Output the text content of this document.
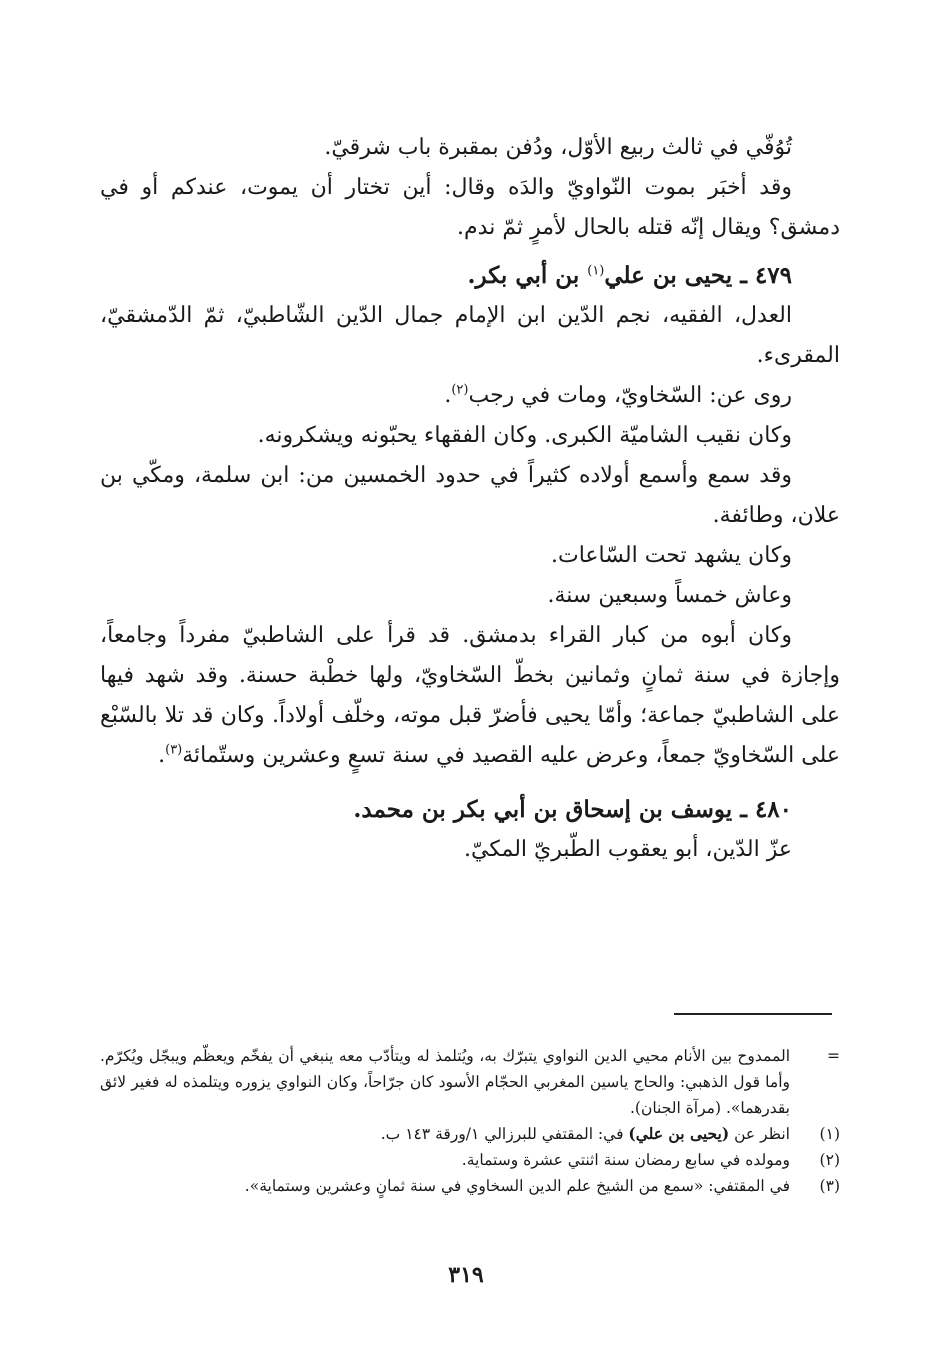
تُوُفّي في ثالث ربيع الأوّل، ودُفن بمقبرة باب شرقيّ.

وقد أخبَر بموت النّواويّ والدَه وقال: أين تختار أن يموت، عندكم أو في دمشق؟ ويقال إنّه قتله بالحال لأمرٍ ثمّ ندم.

٤٧٩ ـ يحيى بن علي$^{(١)}$ بن أبي بكر.

العدل، الفقيه، نجم الدّين ابن الإمام جمال الدّين الشّاطبيّ، ثمّ الدّمشقيّ، المقرىء.

روى عن: السّخاويّ، ومات في رجب$^{(٢)}$.

وكان نقيب الشاميّة الكبرى. وكان الفقهاء يحبّونه ويشكرونه.

وقد سمع وأسمع أولاده كثيراً في حدود الخمسين من: ابن سلمة، ومكّي بن علان، وطائفة.

وكان يشهد تحت السّاعات.

وعاش خمساً وسبعين سنة.

وكان أبوه من كبار القراء بدمشق. قد قرأ على الشاطبيّ مفرداً وجامعاً، وإجازة في سنة ثمانٍ وثمانين بخطّ السّخاويّ، ولها خطْبة حسنة. وقد شهد فيها على الشاطبيّ جماعة؛ وأمّا يحيى فأضرّ قبل موته، وخلّف أولاداً. وكان قد تلا بالسّبْع على السّخاويّ جمعاً، وعرض عليه القصيد في سنة تسعٍ وعشرين وستّمائة$^{(٣)}$.

٤٨٠ ـ يوسف بن إسحاق بن أبي بكر بن محمد.

عزّ الدّين، أبو يعقوب الطّبريّ المكيّ.

=
الممدوح بين الأنام محيي الدين النواوي يتبرّك به، ويُتلمذ له ويتأدّب معه ينبغي أن يفخّم ويعظّم ويبجّل ويُكرّم. وأما قول الذهبي: والحاج ياسين المغربي الحجّام الأسود كان جرّاحاً، وكان النواوي يزوره ويتلمذه له فغير لائق بقدرهما». (مرآة الجنان).
(١)
انظر عن (يحيى بن علي) في: المقتفي للبرزالي ١/ورقة ١٤٣ ب.
(٢)
ومولده في سابع رمضان سنة اثنتي عشرة وستماية.
(٣)
في المقتفي: «سمع من الشيخ علم الدين السخاوي في سنة ثمانٍ وعشرين وستماية».
٣١٩
